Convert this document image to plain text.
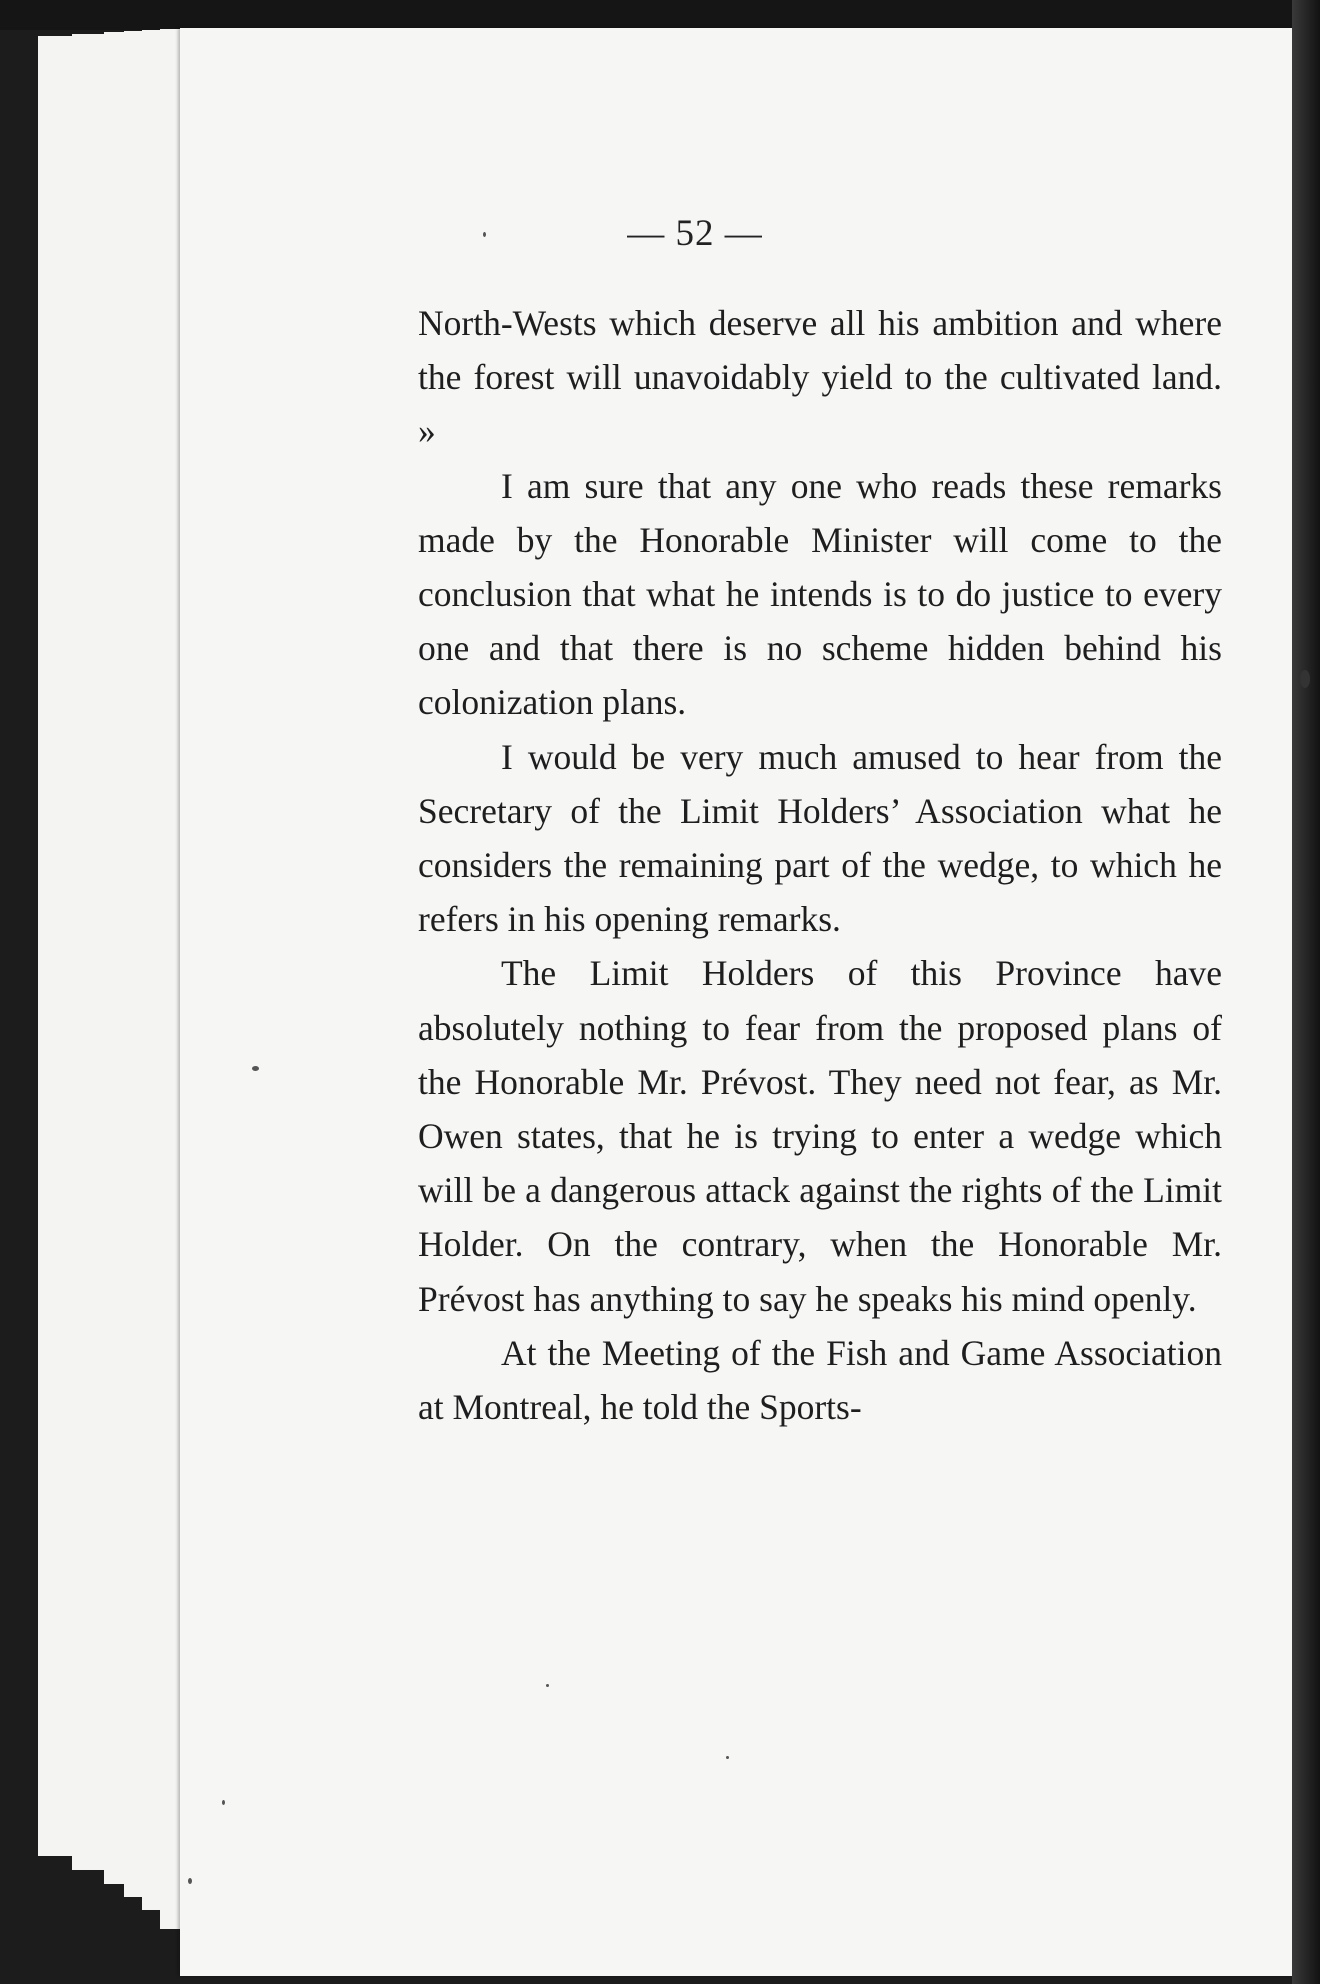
— 52 —

North-Wests which deserve all his ambition and where the forest will unavoidably yield to the cultivated land. »

I am sure that any one who reads these remarks made by the Honorable Minister will come to the conclusion that what he intends is to do justice to every one and that there is no scheme hidden behind his colonization plans.

I would be very much amused to hear from the Secretary of the Limit Holders’ Association what he considers the remaining part of the wedge, to which he refers in his opening remarks.

The Limit Holders of this Province have absolutely nothing to fear from the proposed plans of the Honorable Mr. Prévost. They need not fear, as Mr. Owen states, that he is trying to enter a wedge which will be a dangerous attack against the rights of the Limit Holder. On the contrary, when the Honorable Mr. Prévost has anything to say he speaks his mind openly.

At the Meeting of the Fish and Game Association at Montreal, he told the Sports-
